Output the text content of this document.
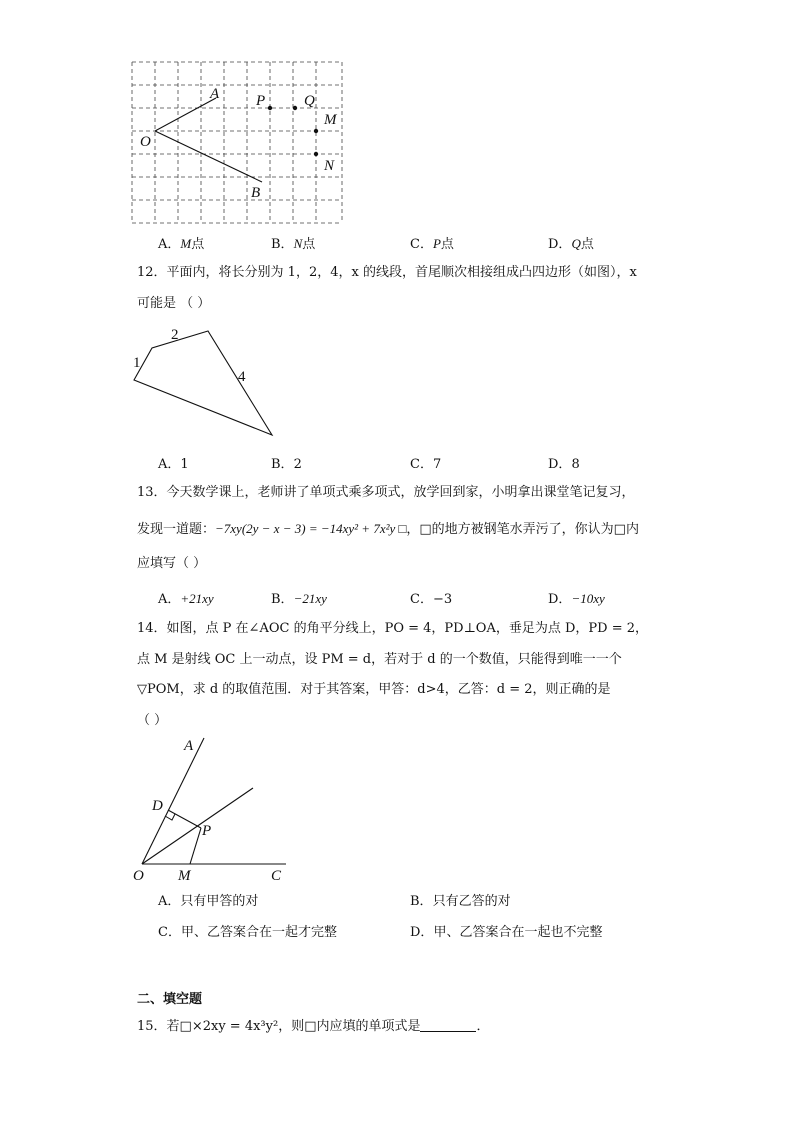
A
O
B
P	Q
M
N
A．M点	B．N点	C．P点	D．Q点
12．平面内，将长分别为 1，2，4，x 的线段，首尾顺次相接组成凸四边形（如图），x
可能是 （ ）
1
2
4
A．1	B．2	C．7	D．8
13．今天数学课上，老师讲了单项式乘多项式，放学回到家，小明拿出课堂笔记复习，
发现一道题：−7xy(2y − x − 3) = −14xy² + 7x²y □，□的地方被钢笔水弄污了，你认为□内
应填写（ ）
A．+21xy	B．−21xy	C．−3	D．−10xy
14．如图，点 P 在∠AOC 的角平分线上，PO = 4，PD⊥OA，垂足为点 D，PD = 2，
点 M 是射线 OC 上一动点，设 PM = d，若对于 d 的一个数值，只能得到唯一一个
▽POM，求 d 的取值范围．对于其答案，甲答：d>4，乙答：d = 2，则正确的是
（ ）
A
D
P
O M	C
A．只有甲答的对	B．只有乙答的对
C．甲、乙答案合在一起才完整	D．甲、乙答案合在一起也不完整
二、填空题
15．若□×2xy = 4x³y²，则□内应填的单项式是	．
